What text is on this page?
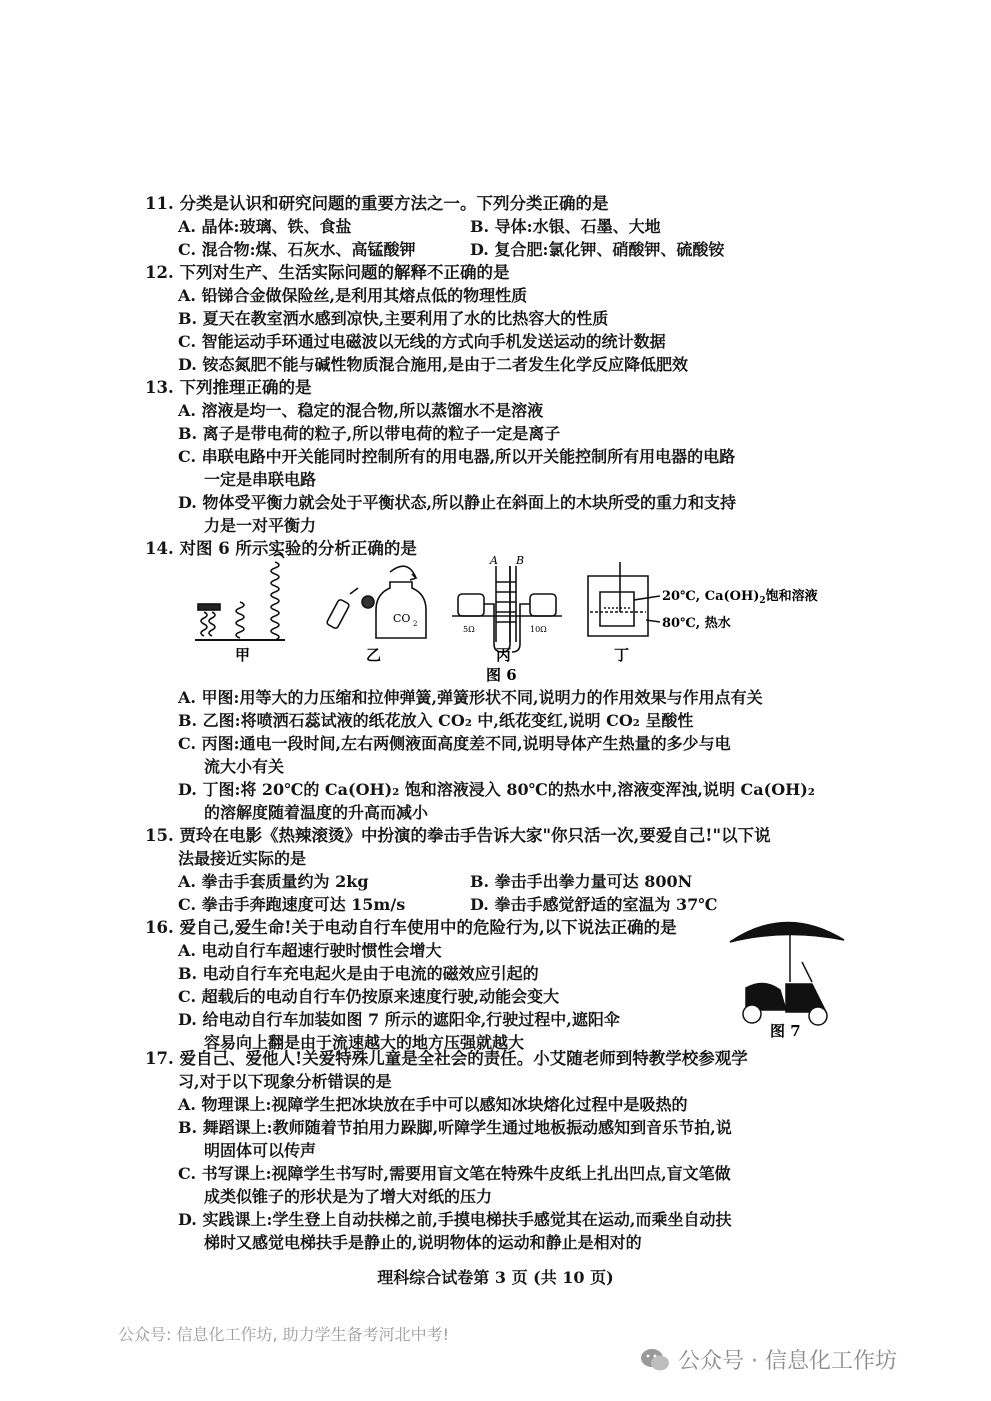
11. 分类是认识和研究问题的重要方法之一。下列分类正确的是
A. 晶体:玻璃、铁、食盐	B. 导体:水银、石墨、大地
C. 混合物:煤、石灰水、高锰酸钾	D. 复合肥:氯化钾、硝酸钾、硫酸铵
12. 下列对生产、生活实际问题的解释不正确的是
A. 铅锑合金做保险丝,是利用其熔点低的物理性质
B. 夏天在教室洒水感到凉快,主要利用了水的比热容大的性质
C. 智能运动手环通过电磁波以无线的方式向手机发送运动的统计数据
D. 铵态氮肥不能与碱性物质混合施用,是由于二者发生化学反应降低肥效
13. 下列推理正确的是
A. 溶液是均一、稳定的混合物,所以蒸馏水不是溶液
B. 离子是带电荷的粒子,所以带电荷的粒子一定是离子
C. 串联电路中开关能同时控制所有的用电器,所以开关能控制所有用电器的电路
一定是串联电路
D. 物体受平衡力就会处于平衡状态,所以静止在斜面上的木块所受的重力和支持
力是一对平衡力
14. 对图 6 所示实验的分析正确的是
CO 2
A B
5Ω	10Ω
20℃, $Ca(OH)_2$饱和溶液
80℃, 热水
甲	乙	丙	丁
图 6
A. 甲图:用等大的力压缩和拉伸弹簧,弹簧形状不同,说明力的作用效果与作用点有关
B. 乙图:将喷洒石蕊试液的纸花放入 CO₂ 中,纸花变红,说明 CO₂ 呈酸性
C. 丙图:通电一段时间,左右两侧液面高度差不同,说明导体产生热量的多少与电
流大小有关
D. 丁图:将 20℃的 Ca(OH)₂ 饱和溶液浸入 80℃的热水中,溶液变浑浊,说明 Ca(OH)₂
的溶解度随着温度的升高而减小
15. 贾玲在电影《热辣滚烫》中扮演的拳击手告诉大家"你只活一次,要爱自己!"以下说
法最接近实际的是
A. 拳击手套质量约为 2kg	B. 拳击手出拳力量可达 800N
C. 拳击手奔跑速度可达 15m/s	D. 拳击手感觉舒适的室温为 37℃
16. 爱自己,爱生命!关于电动自行车使用中的危险行为,以下说法正确的是
A. 电动自行车超速行驶时惯性会增大
B. 电动自行车充电起火是由于电流的磁效应引起的
C. 超载后的电动自行车仍按原来速度行驶,动能会变大
D. 给电动自行车加装如图 7 所示的遮阳伞,行驶过程中,遮阳伞
容易向上翻是由于流速越大的地方压强就越大
图 7
17. 爱自己、爱他人!关爱特殊儿童是全社会的责任。小艾随老师到特教学校参观学
习,对于以下现象分析错误的是
A. 物理课上:视障学生把冰块放在手中可以感知冰块熔化过程中是吸热的
B. 舞蹈课上:教师随着节拍用力跺脚,听障学生通过地板振动感知到音乐节拍,说
明固体可以传声
C. 书写课上:视障学生书写时,需要用盲文笔在特殊牛皮纸上扎出凹点,盲文笔做
成类似锥子的形状是为了增大对纸的压力
D. 实践课上:学生登上自动扶梯之前,手摸电梯扶手感觉其在运动,而乘坐自动扶
梯时又感觉电梯扶手是静止的,说明物体的运动和静止是相对的
理科综合试卷第 3 页 (共 10 页)
公众号: 信息化工作坊, 助力学生备考河北中考!
公众号 · 信息化工作坊
